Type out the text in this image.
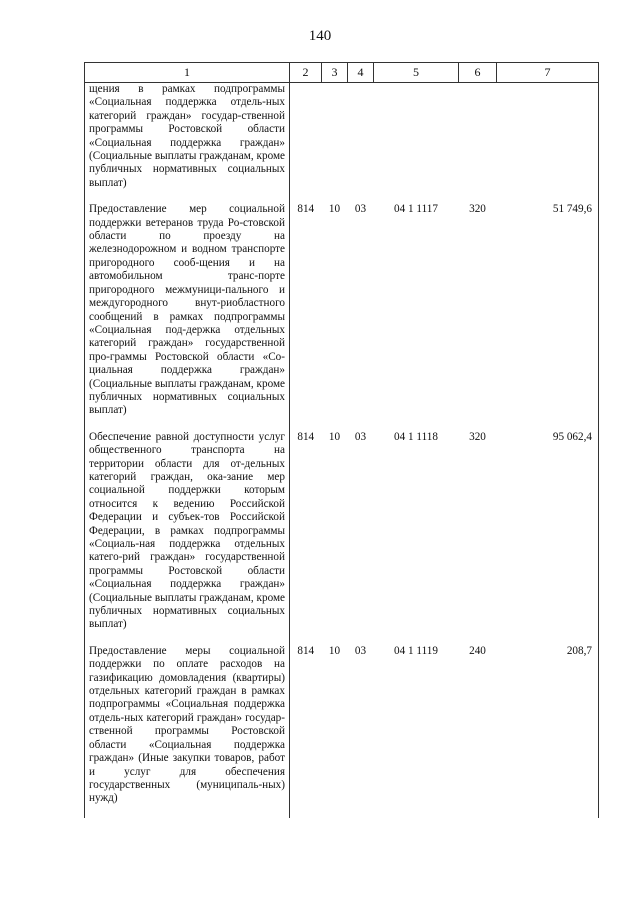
140
1	2	3	4	5	6	7
щения в рамках подпрограммы «Социальная поддержка отдель-ных категорий граждан» государ-ственной программы Ростовской области «Социальная поддержка граждан» (Социальные выплаты гражданам, кроме публичных нормативных социальных выплат)						
Предоставление мер социальной поддержки ветеранов труда Ро-стовской области по проезду на железнодорожном и водном транспорте пригородного сооб-щения и на автомобильном транс-порте пригородного межмуници-пального и междугородного внут-риобластного сообщений в рамках подпрограммы «Социальная под-держка отдельных категорий граждан» государственной про-граммы Ростовской области «Со-циальная поддержка граждан» (Социальные выплаты гражданам, кроме публичных нормативных социальных выплат)	814	10	03	04 1 1117	320	51 749,6
Обеспечение равной доступности услуг общественного транспорта на территории области для от-дельных категорий граждан, ока-зание мер социальной поддержки которым относится к ведению Российской Федерации и субъек-тов Российской Федерации, в рамках подпрограммы «Социаль-ная поддержка отдельных катего-рий граждан» государственной программы Ростовской области «Социальная поддержка граждан» (Социальные выплаты гражданам, кроме публичных нормативных социальных выплат)	814	10	03	04 1 1118	320	95 062,4
Предоставление меры социальной поддержки по оплате расходов на газификацию домовладения (квартиры) отдельных категорий граждан в рамках подпрограммы «Социальная поддержка отдель-ных категорий граждан» государ-ственной программы Ростовской области «Социальная поддержка граждан» (Иные закупки товаров, работ и услуг для обеспечения государственных (муниципаль-ных) нужд)	814	10	03	04 1 1119	240	208,7
